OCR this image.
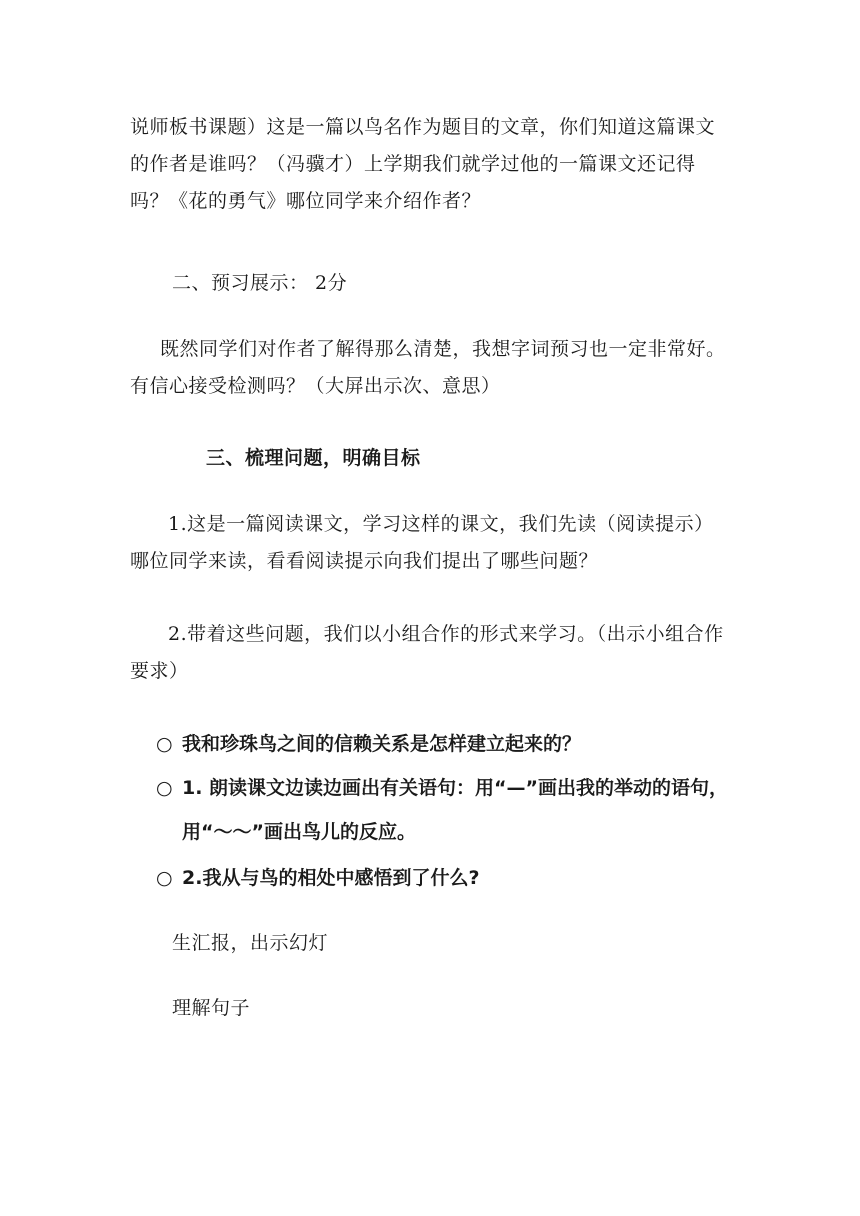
说师板书课题）这是一篇以鸟名作为题目的文章，你们知道这篇课文的作者是谁吗？（冯骥才）上学期我们就学过他的一篇课文还记得吗？《花的勇气》哪位同学来介绍作者？

二、预习展示： 2分

既然同学们对作者了解得那么清楚，我想字词预习也一定非常好。有信心接受检测吗？（大屏出示次、意思）

三、梳理问题，明确目标

1.这是一篇阅读课文，学习这样的课文，我们先读（阅读提示）哪位同学来读，看看阅读提示向我们提出了哪些问题？

2.带着这些问题，我们以小组合作的形式来学习。（出示小组合作要求）

○ 我和珍珠鸟之间的信赖关系是怎样建立起来的？
○ 1. 朗读课文边读边画出有关语句：用“—”画出我的举动的语句，用“～～”画出鸟儿的反应。
○ 2.我从与鸟的相处中感悟到了什么?
生汇报，出示幻灯
理解句子
